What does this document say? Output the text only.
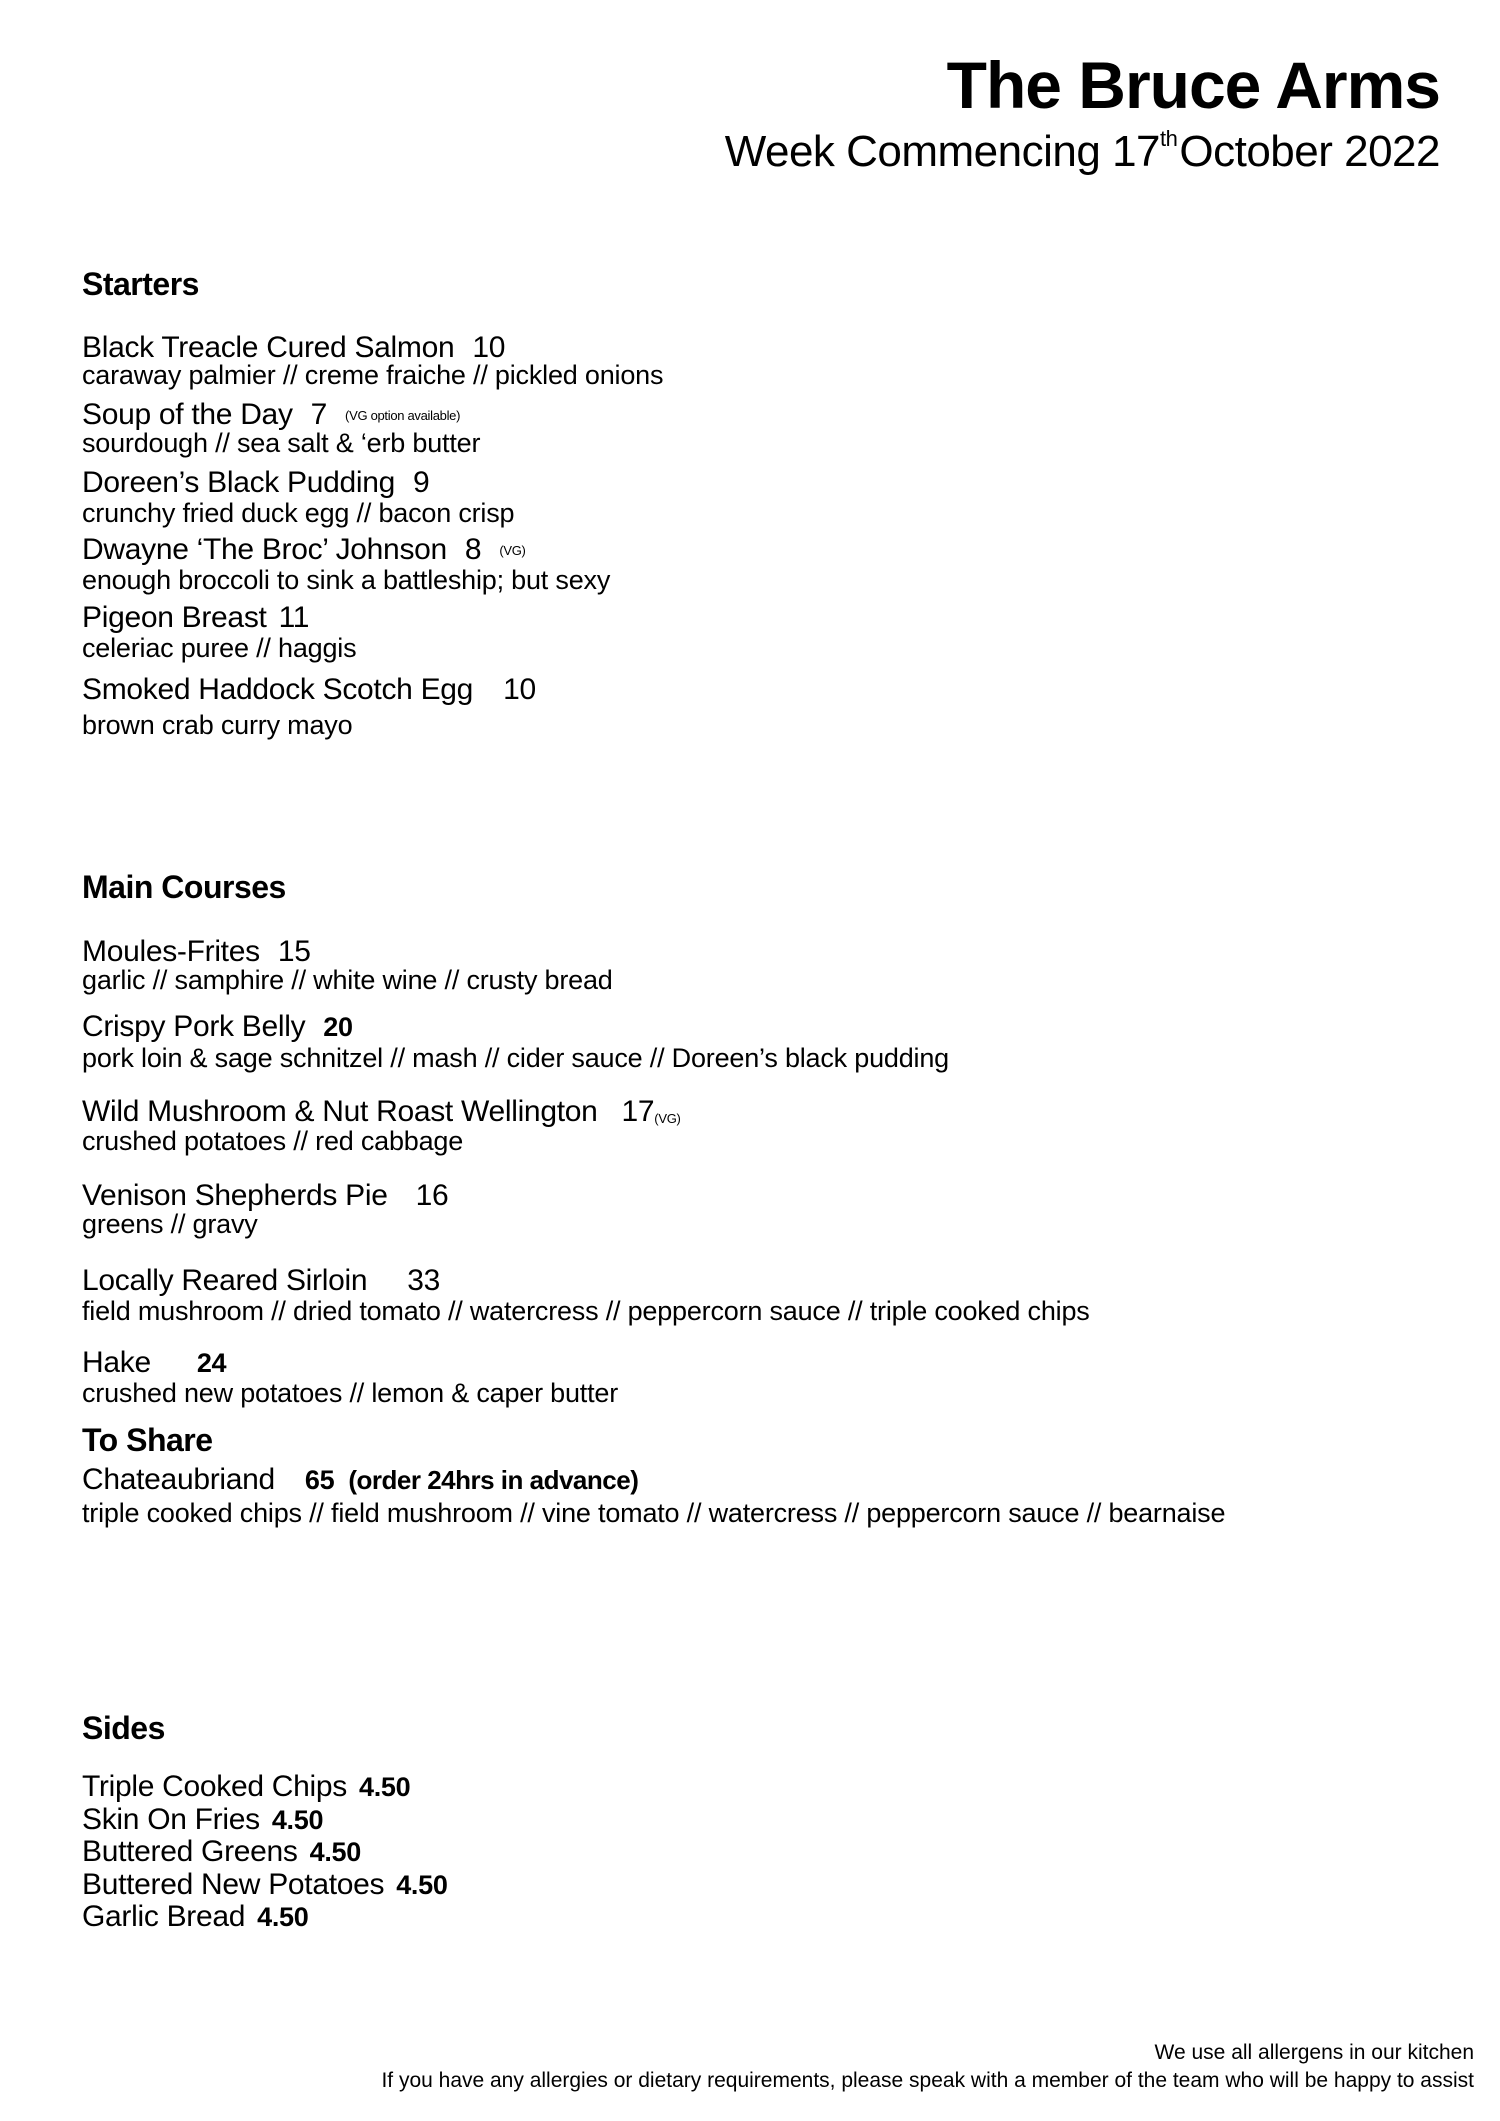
The Bruce Arms
Week Commencing 17thOctober 2022
Starters
Black Treacle Cured Salmon 10
caraway palmier // creme fraiche // pickled onions
Soup of the Day 7 (VG option available)
sourdough // sea salt & ‘erb butter
Doreen’s Black Pudding 9
crunchy fried duck egg // bacon crisp
Dwayne ‘The Broc’ Johnson 8 (VG)
enough broccoli to sink a battleship; but sexy
Pigeon Breast 11
celeriac puree // haggis
Smoked Haddock Scotch Egg 10
brown crab curry mayo
Main Courses
Moules-Frites 15
garlic // samphire // white wine // crusty bread
Crispy Pork Belly 20
pork loin & sage schnitzel // mash // cider sauce // Doreen’s black pudding
Wild Mushroom & Nut Roast Wellington 17(VG)
crushed potatoes // red cabbage
Venison Shepherds Pie 16
greens // gravy
Locally Reared Sirloin 33
field mushroom // dried tomato // watercress // peppercorn sauce // triple cooked chips
Hake 24
crushed new potatoes // lemon & caper butter
To Share
Chateaubriand 65 (order 24hrs in advance)
triple cooked chips // field mushroom // vine tomato // watercress // peppercorn sauce // bearnaise
Sides
Triple Cooked Chips 4.50
Skin On Fries 4.50
Buttered Greens 4.50
Buttered New Potatoes 4.50
Garlic Bread 4.50
We use all allergens in our kitchen
If you have any allergies or dietary requirements, please speak with a member of the team who will be happy to assist
